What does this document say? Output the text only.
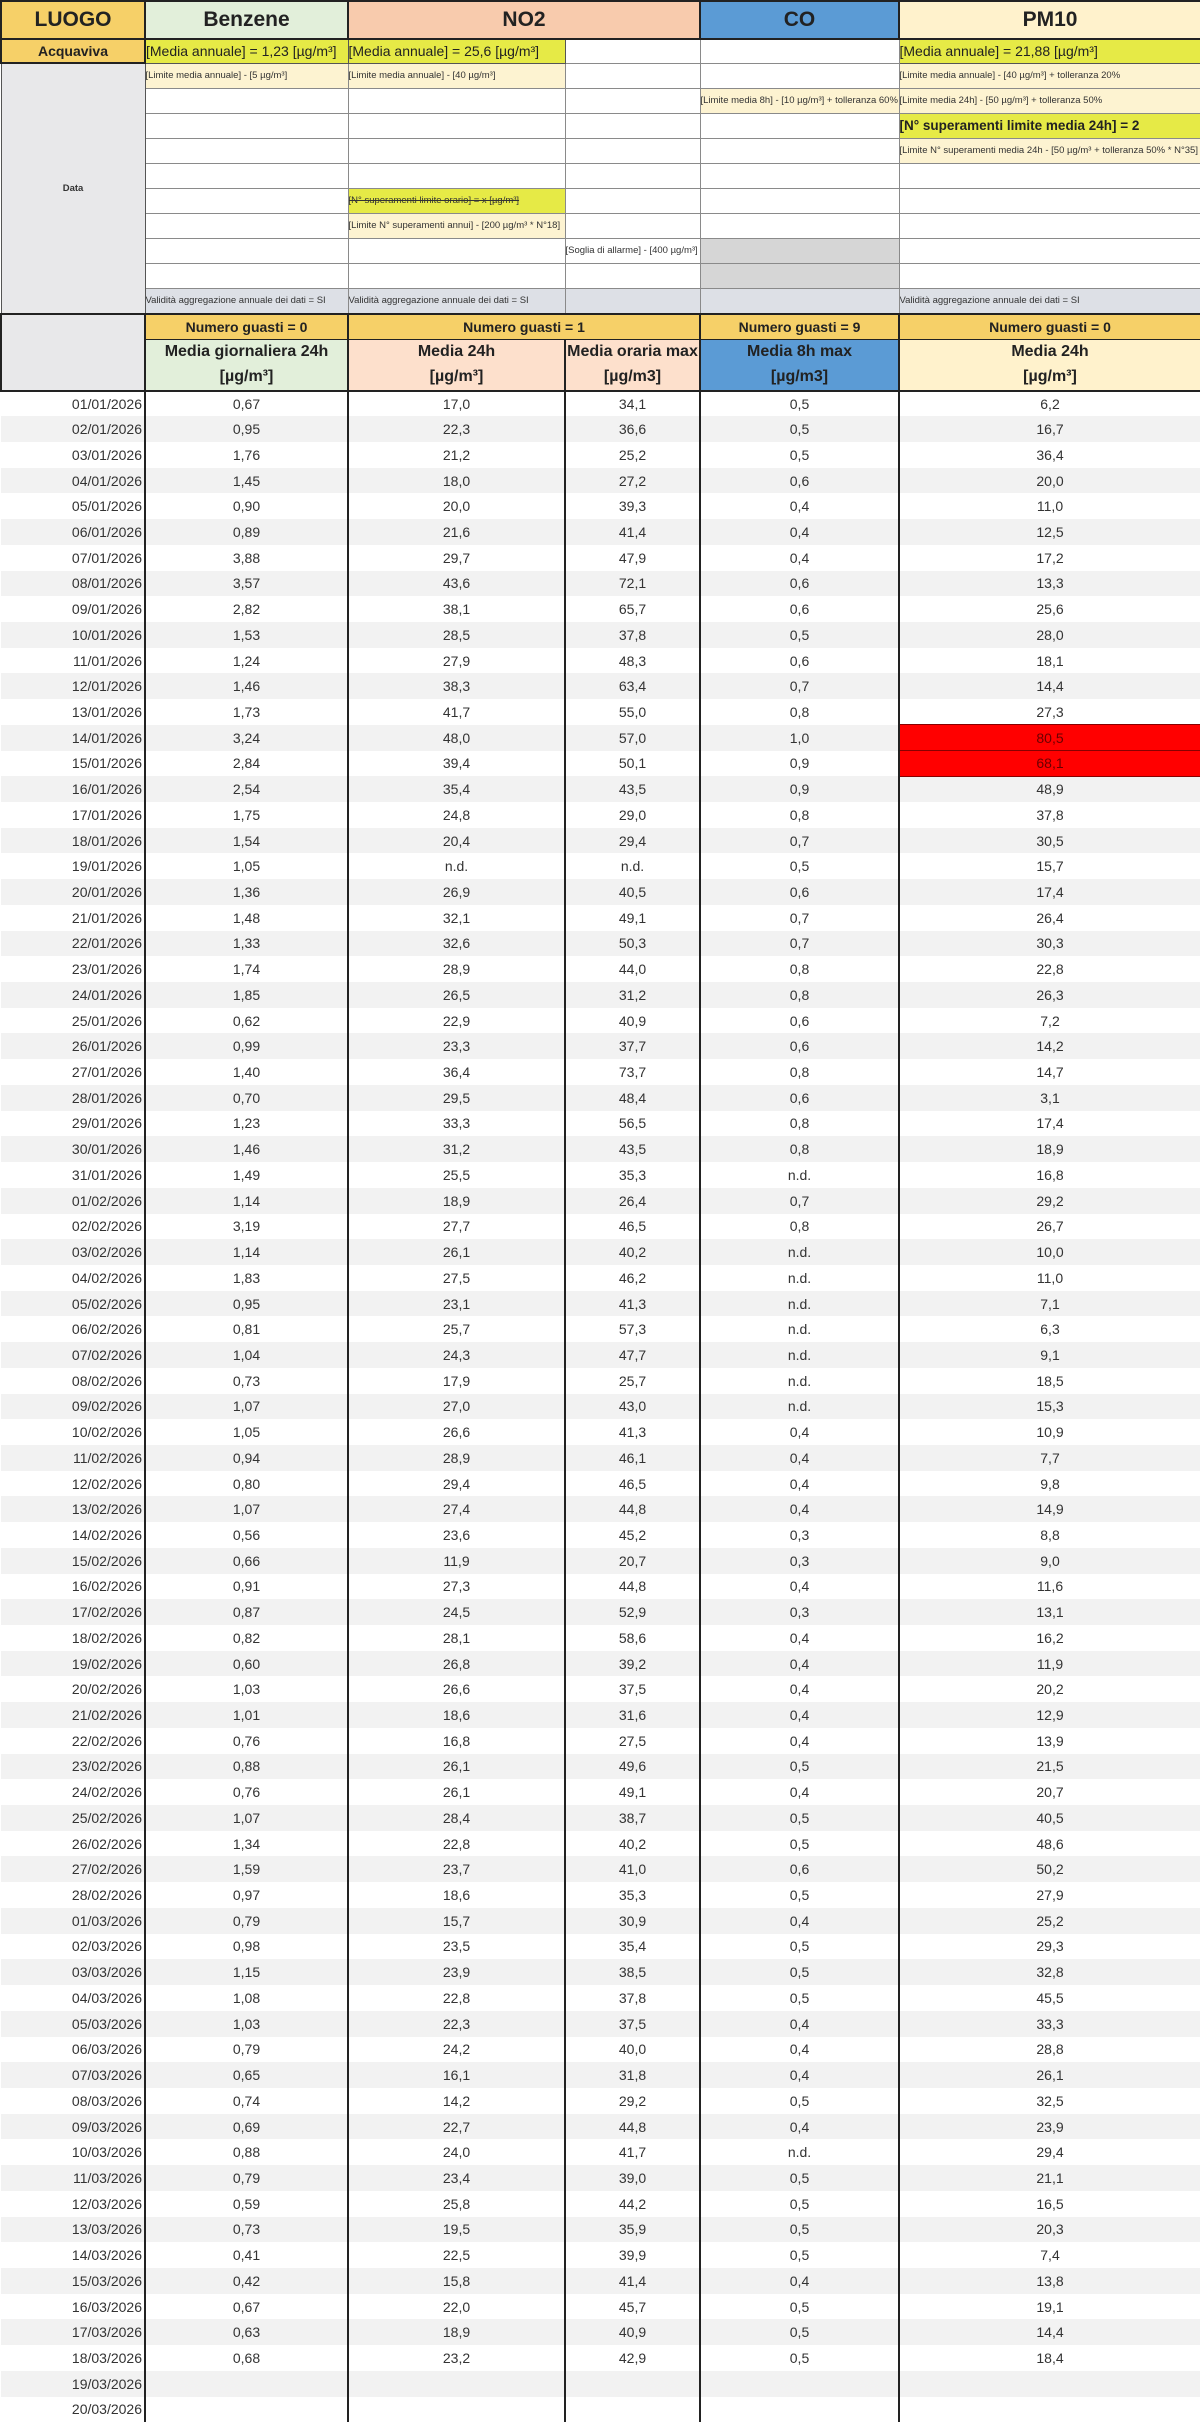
LUOGO	Benzene	NO2		CO	PM10
Acquaviva	[Media annuale] = 1,23 [µg/m³]	[Media annuale] = 25,6 [µg/m³]			[Media annuale] = 21,88 [µg/m³]
Data	[Limite media annuale] - [5 µg/m³]	[Limite media annuale] - [40 µg/m³]			[Limite media annuale] - [40 µg/m³] + tolleranza 20%
				[Limite media 8h] - [10 µg/m³] + tolleranza 60%	[Limite media 24h] - [50 µg/m³] + tolleranza 50%
					[N° superamenti limite media 24h] = 2
					[Limite N° superamenti media 24h - [50 µg/m³ + tolleranza 50% * N°35]

		[N° superamenti limite orario] = x [µg/m³]			
		[Limite N° superamenti annui] - [200 µg/m³ * N°18]			
			[Soglia di allarme] - [400 µg/m³]		

	Validità aggregazione annuale dei dati = SI	Validità aggregazione annuale dei dati = SI			Validità aggregazione annuale dei dati = SI
	Numero guasti = 0	Numero guasti = 1		Numero guasti = 9	Numero guasti = 0
	Media giornaliera 24h	Media 24h	Media oraria max	Media 8h max	Media 24h
	[µg/m³]	[µg/m³]	[µg/m3]	[µg/m3]	[µg/m³]
01/01/2026	0,67	17,0	34,1	0,5	6,2
02/01/2026	0,95	22,3	36,6	0,5	16,7
03/01/2026	1,76	21,2	25,2	0,5	36,4
04/01/2026	1,45	18,0	27,2	0,6	20,0
05/01/2026	0,90	20,0	39,3	0,4	11,0
06/01/2026	0,89	21,6	41,4	0,4	12,5
07/01/2026	3,88	29,7	47,9	0,4	17,2
08/01/2026	3,57	43,6	72,1	0,6	13,3
09/01/2026	2,82	38,1	65,7	0,6	25,6
10/01/2026	1,53	28,5	37,8	0,5	28,0
11/01/2026	1,24	27,9	48,3	0,6	18,1
12/01/2026	1,46	38,3	63,4	0,7	14,4
13/01/2026	1,73	41,7	55,0	0,8	27,3
14/01/2026	3,24	48,0	57,0	1,0	80,5
15/01/2026	2,84	39,4	50,1	0,9	68,1
16/01/2026	2,54	35,4	43,5	0,9	48,9
17/01/2026	1,75	24,8	29,0	0,8	37,8
18/01/2026	1,54	20,4	29,4	0,7	30,5
19/01/2026	1,05	n.d.	n.d.	0,5	15,7
20/01/2026	1,36	26,9	40,5	0,6	17,4
21/01/2026	1,48	32,1	49,1	0,7	26,4
22/01/2026	1,33	32,6	50,3	0,7	30,3
23/01/2026	1,74	28,9	44,0	0,8	22,8
24/01/2026	1,85	26,5	31,2	0,8	26,3
25/01/2026	0,62	22,9	40,9	0,6	7,2
26/01/2026	0,99	23,3	37,7	0,6	14,2
27/01/2026	1,40	36,4	73,7	0,8	14,7
28/01/2026	0,70	29,5	48,4	0,6	3,1
29/01/2026	1,23	33,3	56,5	0,8	17,4
30/01/2026	1,46	31,2	43,5	0,8	18,9
31/01/2026	1,49	25,5	35,3	n.d.	16,8
01/02/2026	1,14	18,9	26,4	0,7	29,2
02/02/2026	3,19	27,7	46,5	0,8	26,7
03/02/2026	1,14	26,1	40,2	n.d.	10,0
04/02/2026	1,83	27,5	46,2	n.d.	11,0
05/02/2026	0,95	23,1	41,3	n.d.	7,1
06/02/2026	0,81	25,7	57,3	n.d.	6,3
07/02/2026	1,04	24,3	47,7	n.d.	9,1
08/02/2026	0,73	17,9	25,7	n.d.	18,5
09/02/2026	1,07	27,0	43,0	n.d.	15,3
10/02/2026	1,05	26,6	41,3	0,4	10,9
11/02/2026	0,94	28,9	46,1	0,4	7,7
12/02/2026	0,80	29,4	46,5	0,4	9,8
13/02/2026	1,07	27,4	44,8	0,4	14,9
14/02/2026	0,56	23,6	45,2	0,3	8,8
15/02/2026	0,66	11,9	20,7	0,3	9,0
16/02/2026	0,91	27,3	44,8	0,4	11,6
17/02/2026	0,87	24,5	52,9	0,3	13,1
18/02/2026	0,82	28,1	58,6	0,4	16,2
19/02/2026	0,60	26,8	39,2	0,4	11,9
20/02/2026	1,03	26,6	37,5	0,4	20,2
21/02/2026	1,01	18,6	31,6	0,4	12,9
22/02/2026	0,76	16,8	27,5	0,4	13,9
23/02/2026	0,88	26,1	49,6	0,5	21,5
24/02/2026	0,76	26,1	49,1	0,4	20,7
25/02/2026	1,07	28,4	38,7	0,5	40,5
26/02/2026	1,34	22,8	40,2	0,5	48,6
27/02/2026	1,59	23,7	41,0	0,6	50,2
28/02/2026	0,97	18,6	35,3	0,5	27,9
01/03/2026	0,79	15,7	30,9	0,4	25,2
02/03/2026	0,98	23,5	35,4	0,5	29,3
03/03/2026	1,15	23,9	38,5	0,5	32,8
04/03/2026	1,08	22,8	37,8	0,5	45,5
05/03/2026	1,03	22,3	37,5	0,4	33,3
06/03/2026	0,79	24,2	40,0	0,4	28,8
07/03/2026	0,65	16,1	31,8	0,4	26,1
08/03/2026	0,74	14,2	29,2	0,5	32,5
09/03/2026	0,69	22,7	44,8	0,4	23,9
10/03/2026	0,88	24,0	41,7	n.d.	29,4
11/03/2026	0,79	23,4	39,0	0,5	21,1
12/03/2026	0,59	25,8	44,2	0,5	16,5
13/03/2026	0,73	19,5	35,9	0,5	20,3
14/03/2026	0,41	22,5	39,9	0,5	7,4
15/03/2026	0,42	15,8	41,4	0,4	13,8
16/03/2026	0,67	22,0	45,7	0,5	19,1
17/03/2026	0,63	18,9	40,9	0,5	14,4
18/03/2026	0,68	23,2	42,9	0,5	18,4
19/03/2026					
20/03/2026					
